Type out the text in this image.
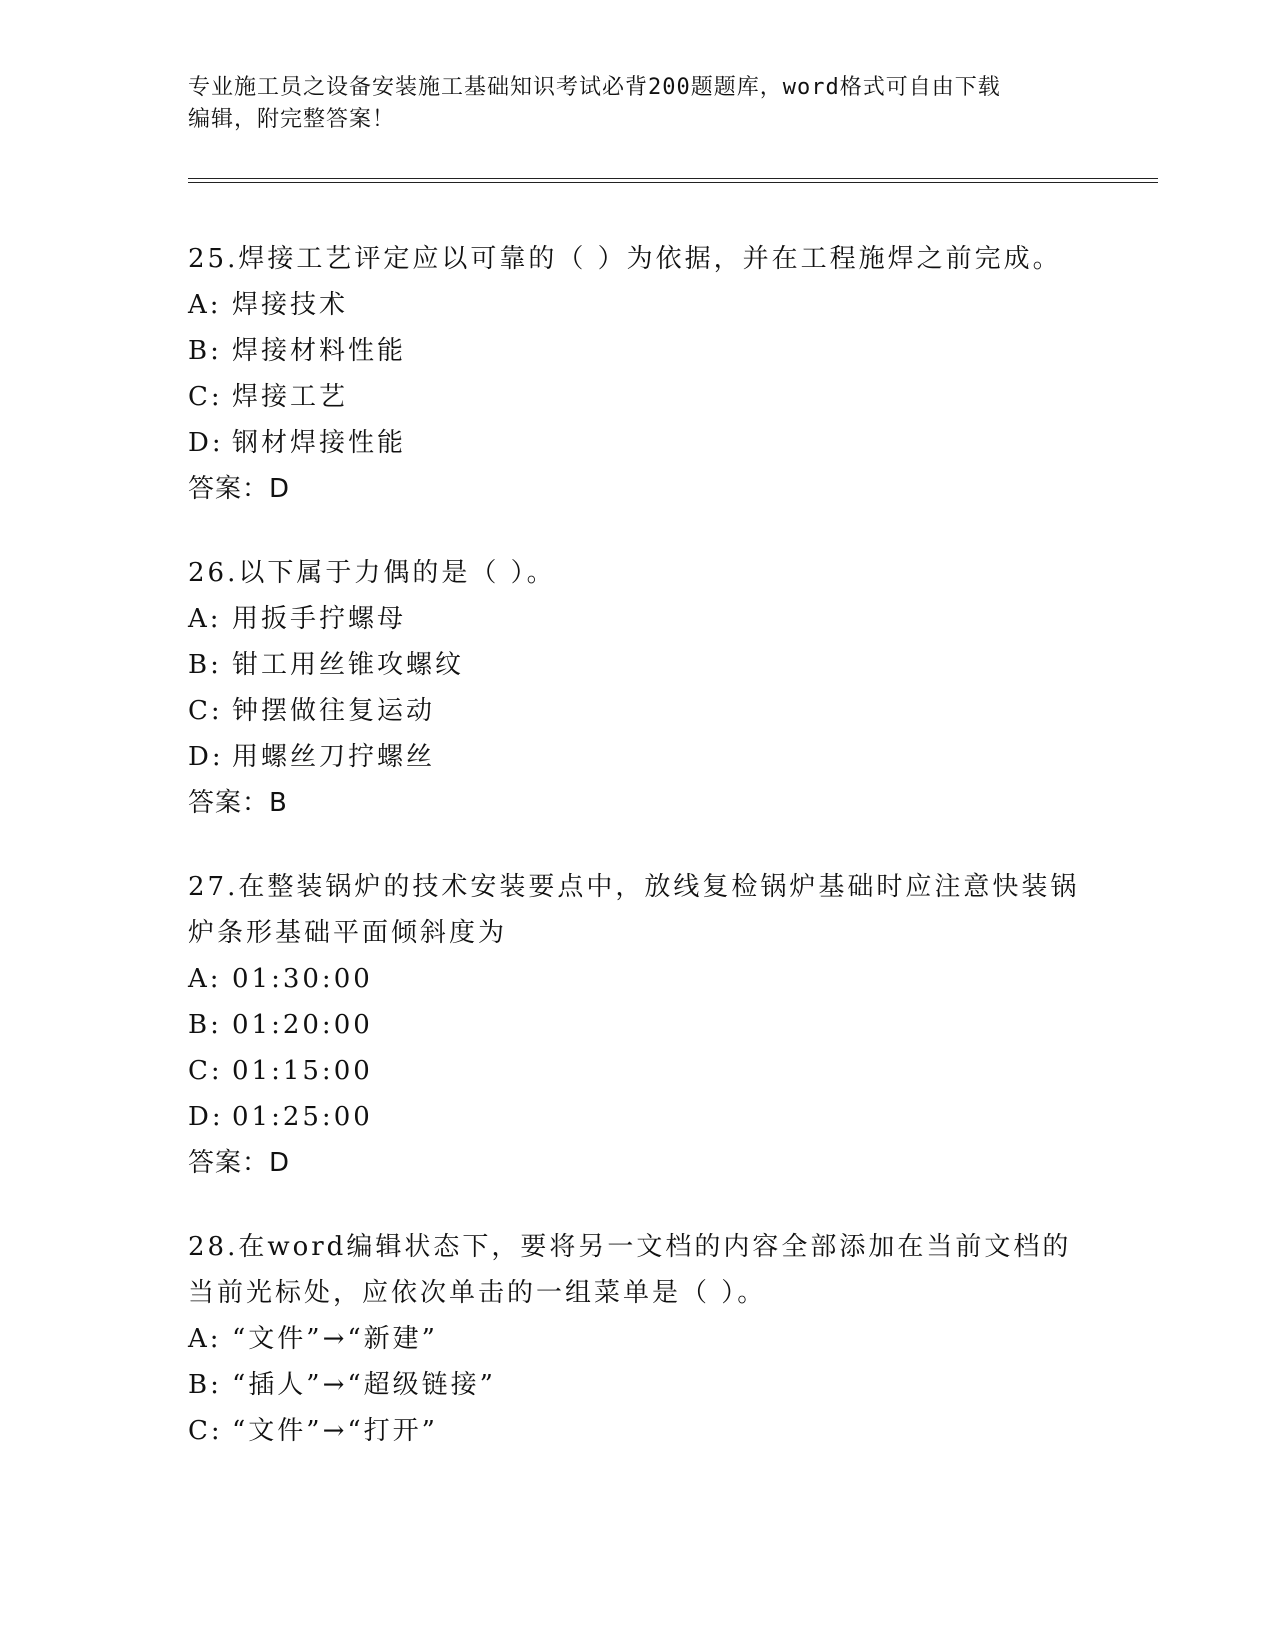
专业施工员之设备安装施工基础知识考试必背200题题库，word格式可自由下载
编辑，附完整答案！
25.焊接工艺评定应以可靠的（ ）为依据，并在工程施焊之前完成。
A: 焊接技术
B: 焊接材料性能
C: 焊接工艺
D: 钢材焊接性能
答案：D
26.以下属于力偶的是（ ）。
A: 用扳手拧螺母
B: 钳工用丝锥攻螺纹
C: 钟摆做往复运动
D: 用螺丝刀拧螺丝
答案：B
27.在整装锅炉的技术安装要点中，放线复检锅炉基础时应注意快装锅炉条形基础平面倾斜度为
A: 01:30:00
B: 01:20:00
C: 01:15:00
D: 01:25:00
答案：D
28.在word编辑状态下，要将另一文档的内容全部添加在当前文档的当前光标处，应依次单击的一组菜单是（ ）。
A: “文件”→“新建”
B: “插人”→“超级链接”
C: “文件”→“打开”
